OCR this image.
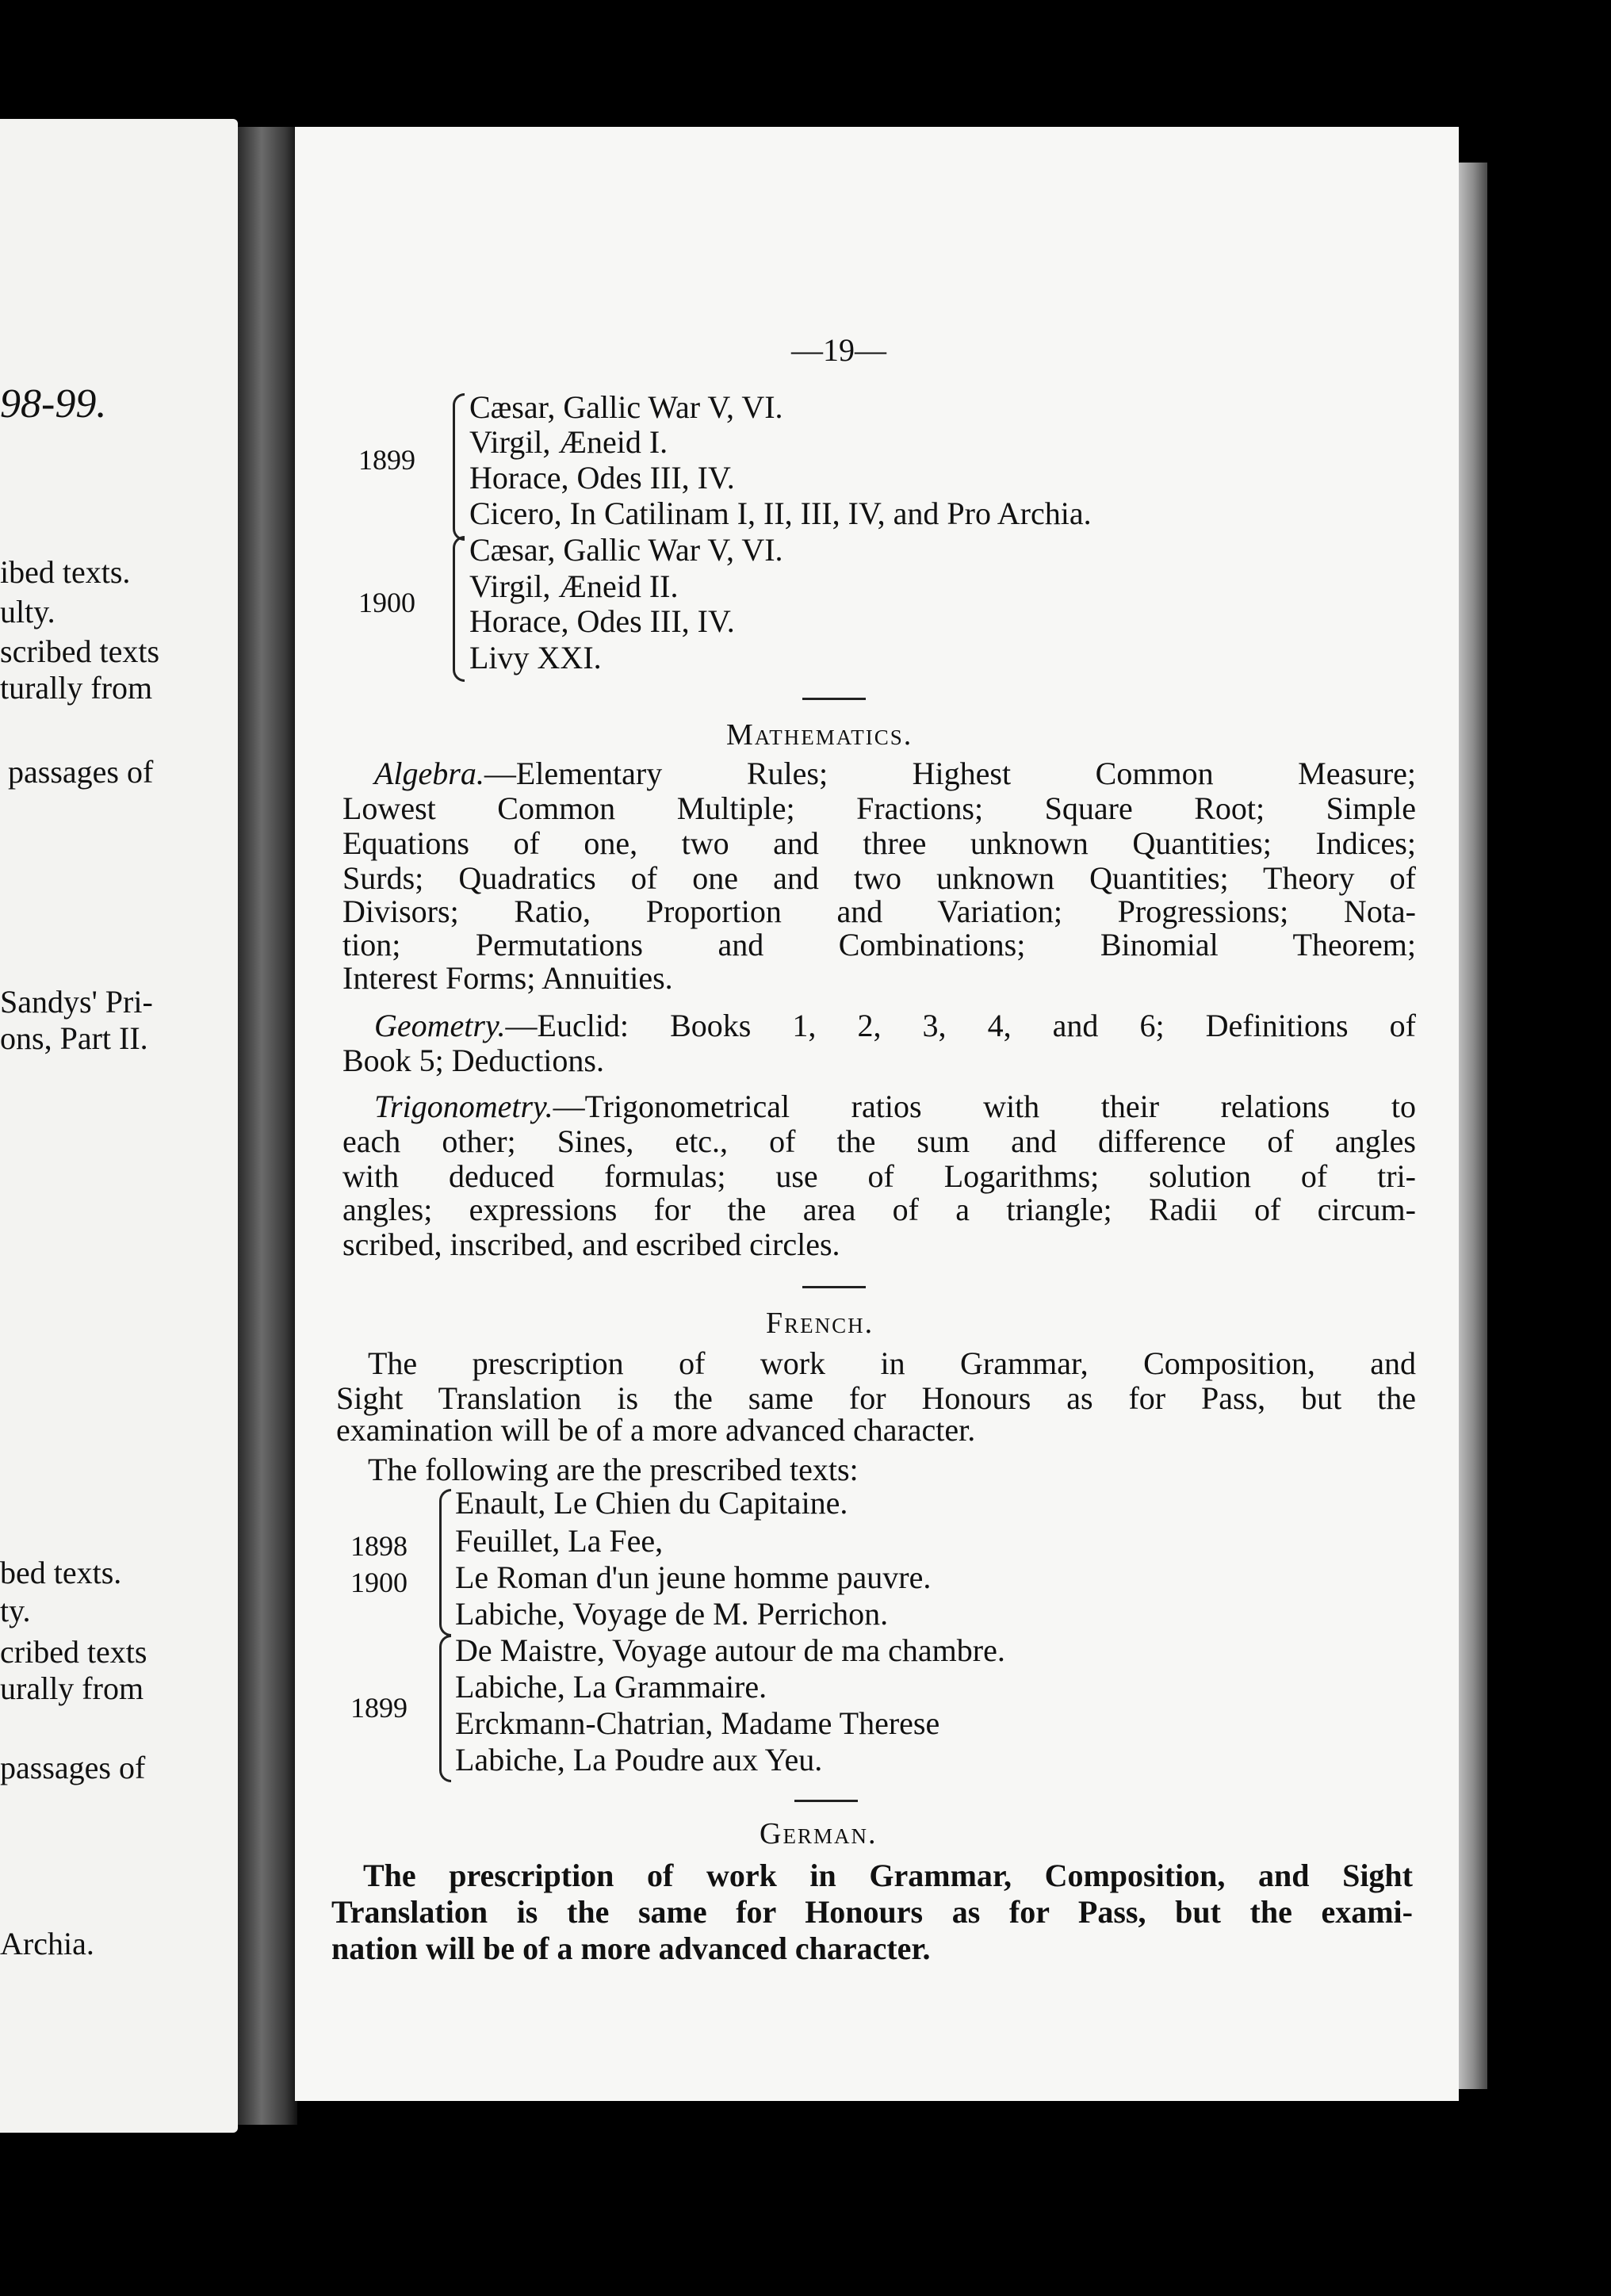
98-99.
ibed texts.
ulty.
scribed texts
turally from
passages of
Sandys' Pri-
ons, Part II.
bed texts.
ty.
cribed texts
urally from
passages of
Archia.
—19—
1899
Cæsar, Gallic War V, VI.
Virgil, Æneid I.
Horace, Odes III, IV.
Cicero, In Catilinam I, II, III, IV, and Pro Archia.
1900
Cæsar, Gallic War V, VI.
Virgil, Æneid II.
Horace, Odes III, IV.
Livy XXI.
Mathematics.
Algebra.—Elementary Rules; Highest Common Measure;
Lowest Common Multiple; Fractions; Square Root; Simple
Equations of one, two and three unknown Quantities; Indices;
Surds; Quadratics of one and two unknown Quantities; Theory of
Divisors; Ratio, Proportion and Variation; Progressions; Nota-
tion; Permutations and Combinations; Binomial Theorem;
Interest Forms; Annuities.
Geometry.—Euclid: Books 1, 2, 3, 4, and 6; Definitions of
Book 5; Deductions.
Trigonometry.—Trigonometrical ratios with their relations to
each other; Sines, etc., of the sum and difference of angles
with deduced formulas; use of Logarithms; solution of tri-
angles; expressions for the area of a triangle; Radii of circum-
scribed, inscribed, and escribed circles.
French.
The prescription of work in Grammar, Composition, and
Sight Translation is the same for Honours as for Pass, but the
examination will be of a more advanced character.
The following are the prescribed texts:
1898
1900
Enault, Le Chien du Capitaine.
Feuillet, La Fee,
Le Roman d'un jeune homme pauvre.
Labiche, Voyage de M. Perrichon.
1899
De Maistre, Voyage autour de ma chambre.
Labiche, La Grammaire.
Erckmann-Chatrian, Madame Therese
Labiche, La Poudre aux Yeu.
German.
The prescription of work in Grammar, Composition, and Sight
Translation is the same for Honours as for Pass, but the exami-
nation will be of a more advanced character.
